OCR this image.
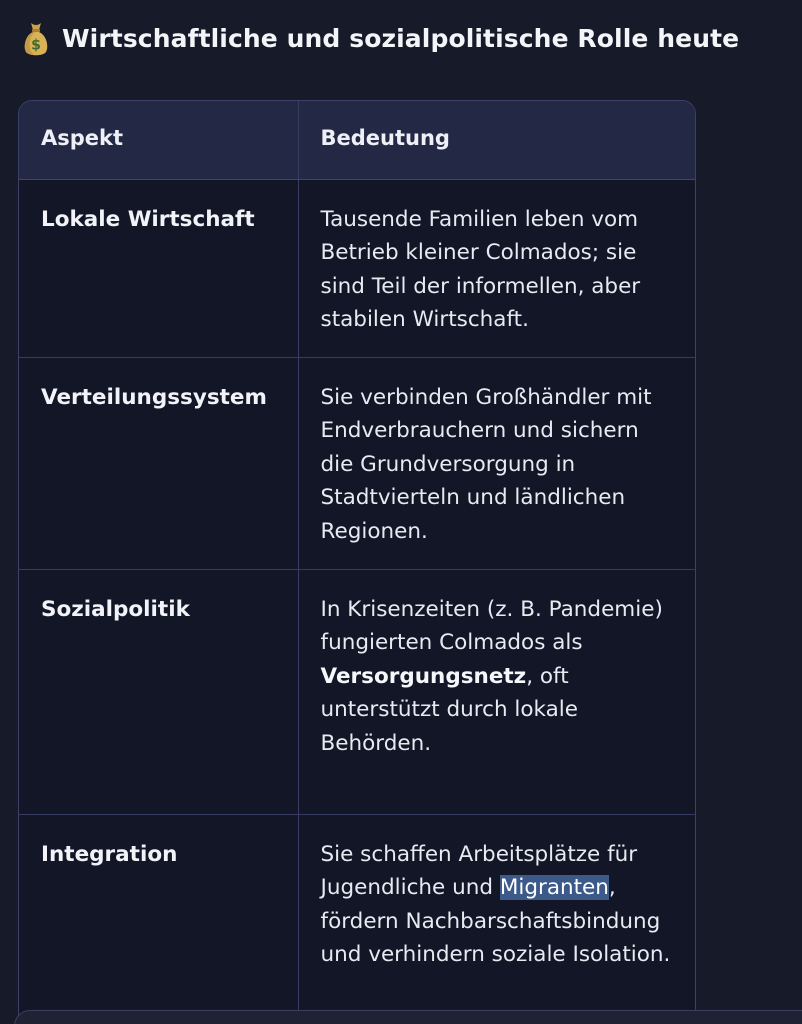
$ Wirtschaftliche und sozialpolitische Rolle heute
Aspekt	Bedeutung
Lokale Wirtschaft	Tausende Familien leben vom Betrieb kleiner Colmados; sie sind Teil der informellen, aber stabilen Wirtschaft.
Verteilungssystem	Sie verbinden Großhändler mit Endverbrauchern und sichern die Grundversorgung in Stadtvierteln und ländlichen Regionen.
Sozialpolitik	In Krisenzeiten (z. B. Pandemie) fungierten Colmados als Versorgungsnetz, oft unterstützt durch lokale Behörden.
Integration	Sie schaffen Arbeitsplätze für Jugendliche und Migranten, fördern Nachbarschaftsbindung und verhindern soziale Isolation.
